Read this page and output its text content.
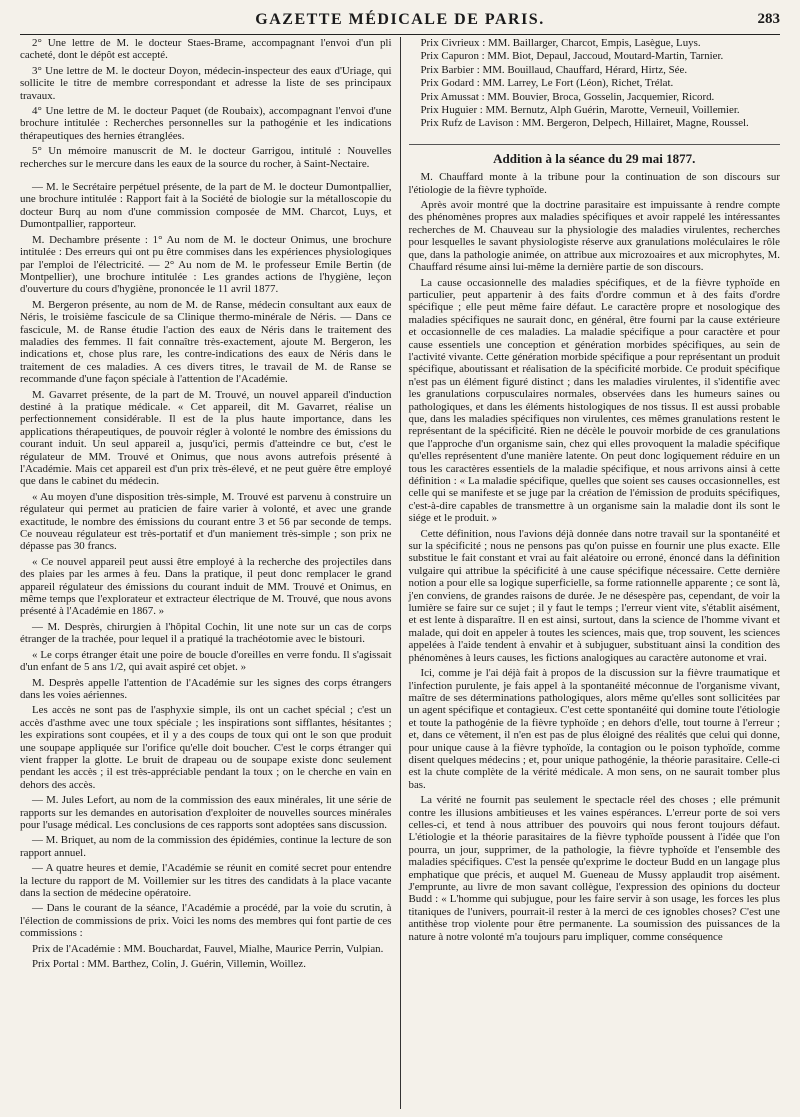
GAZETTE MÉDICALE DE PARIS.	283

2° Une lettre de M. le docteur Staes-Brame, accompagnant l'envoi d'un pli cacheté, dont le dépôt est accepté.

3° Une lettre de M. le docteur Doyon, médecin-inspecteur des eaux d'Uriage, qui sollicite le titre de membre correspondant et adresse la liste de ses principaux travaux.

4° Une lettre de M. le docteur Paquet (de Roubaix), accompagnant l'envoi d'une brochure intitulée : Recherches personnelles sur la pathogénie et les indications thérapeutiques des hernies étranglées.

5° Un mémoire manuscrit de M. le docteur Garrigou, intitulé : Nouvelles recherches sur le mercure dans les eaux de la source du rocher, à Saint-Nectaire.

— M. le Secrétaire perpétuel présente, de la part de M. le docteur Dumontpallier, une brochure intitulée : Rapport fait à la Société de biologie sur la métalloscopie du docteur Burq au nom d'une commission composée de MM. Charcot, Luys, et Dumontpallier, rapporteur.

M. Dechambre présente : 1° Au nom de M. le docteur Onimus, une brochure intitulée : Des erreurs qui ont pu être commises dans les expériences physiologiques par l'emploi de l'électricité. — 2° Au nom de M. le professeur Emile Bertin (de Montpellier), une brochure intitulée : Les grandes actions de l'hygiène, leçon d'ouverture du cours d'hygiène, prononcée le 11 avril 1877.

M. Bergeron présente, au nom de M. de Ranse, médecin consultant aux eaux de Néris, le troisième fascicule de sa Clinique thermo-minérale de Néris. — Dans ce fascicule, M. de Ranse étudie l'action des eaux de Néris dans le traitement des maladies des femmes. Il fait connaître très-exactement, ajoute M. Bergeron, les indications et, chose plus rare, les contre-indications des eaux de Néris dans le traitement de ces maladies. A ces divers titres, le travail de M. de Ranse se recommande d'une façon spéciale à l'attention de l'Académie.

M. Gavarret présente, de la part de M. Trouvé, un nouvel appareil d'induction destiné à la pratique médicale. « Cet appareil, dit M. Gavarret, réalise un perfectionnement considérable. Il est de la plus haute importance, dans les applications thérapeutiques, de pouvoir régler à volonté le nombre des émissions du courant induit. Un seul appareil a, jusqu'ici, permis d'atteindre ce but, c'est le régulateur de MM. Trouvé et Onimus, que nous avons autrefois présenté à l'Académie. Mais cet appareil est d'un prix très-élevé, et ne peut guère être employé que dans le cabinet du médecin.

« Au moyen d'une disposition très-simple, M. Trouvé est parvenu à construire un régulateur qui permet au praticien de faire varier à volonté, et avec une grande exactitude, le nombre des émissions du courant entre 3 et 56 par seconde de temps. Ce nouveau régulateur est très-portatif et d'un maniement très-simple ; son prix ne dépasse pas 30 francs.

« Ce nouvel appareil peut aussi être employé à la recherche des projectiles dans des plaies par les armes à feu. Dans la pratique, il peut donc remplacer le grand appareil régulateur des émissions du courant induit de MM. Trouvé et Onimus, en même temps que l'explorateur et extracteur électrique de M. Trouvé, que nous avons présenté à l'Académie en 1867. »

— M. Desprès, chirurgien à l'hôpital Cochin, lit une note sur un cas de corps étranger de la trachée, pour lequel il a pratiqué la trachéotomie avec le bistouri.

« Le corps étranger était une poire de boucle d'oreilles en verre fondu. Il s'agissait d'un enfant de 5 ans 1/2, qui avait aspiré cet objet. »

M. Desprès appelle l'attention de l'Académie sur les signes des corps étrangers dans les voies aériennes.

Les accès ne sont pas de l'asphyxie simple, ils ont un cachet spécial ; c'est un accès d'asthme avec une toux spéciale ; les inspirations sont sifflantes, hésitantes ; les expirations sont coupées, et il y a des coups de toux qui ont le son que produit une soupape appliquée sur l'orifice qu'elle doit boucher. C'est le corps étranger qui vient frapper la glotte. Le bruit de drapeau ou de soupape existe donc seulement pendant les accès ; il est très-appréciable pendant la toux ; on le cherche en vain en dehors des accès.

— M. Jules Lefort, au nom de la commission des eaux minérales, lit une série de rapports sur les demandes en autorisation d'exploiter de nouvelles sources minérales pour l'usage médical. Les conclusions de ces rapports sont adoptées sans discussion.

— M. Briquet, au nom de la commission des épidémies, continue la lecture de son rapport annuel.

— A quatre heures et demie, l'Académie se réunit en comité secret pour entendre la lecture du rapport de M. Voillemier sur les titres des candidats à la place vacante dans la section de médecine opératoire.

— Dans le courant de la séance, l'Académie a procédé, par la voie du scrutin, à l'élection de commissions de prix. Voici les noms des membres qui font partie de ces commissions :

Prix de l'Académie : MM. Bouchardat, Fauvel, Mialhe, Maurice Perrin, Vulpian.

Prix Portal : MM. Barthez, Colin, J. Guérin, Villemin, Woillez.

Prix Civrieux : MM. Baillarger, Charcot, Empis, Lasègue, Luys.

Prix Capuron : MM. Biot, Depaul, Jaccoud, Moutard-Martin, Tarnier.

Prix Barbier : MM. Bouillaud, Chauffard, Hérard, Hirtz, Sée.

Prix Godard : MM. Larrey, Le Fort (Léon), Richet, Trélat.

Prix Amussat : MM. Bouvier, Broca, Gosselin, Jacquemier, Ricord.

Prix Huguier : MM. Bernutz, Alph Guérin, Marotte, Verneuil, Voillemier.

Prix Rufz de Lavison : MM. Bergeron, Delpech, Hillairet, Magne, Roussel.

Addition à la séance du 29 mai 1877.

M. Chauffard monte à la tribune pour la continuation de son discours sur l'étiologie de la fièvre typhoïde.

Après avoir montré que la doctrine parasitaire est impuissante à rendre compte des phénomènes propres aux maladies spécifiques et avoir rappelé les intéressantes recherches de M. Chauveau sur la physiologie des maladies virulentes, recherches pour lesquelles le savant physiologiste réserve aux granulations moléculaires le rôle que, dans la pathologie animée, on attribue aux microzoaires et aux microphytes, M. Chauffard résume ainsi lui-même la dernière partie de son discours.

La cause occasionnelle des maladies spécifiques, et de la fièvre typhoïde en particulier, peut appartenir à des faits d'ordre commun et à des faits d'ordre spécifique ; elle peut même faire défaut. Le caractère propre et nosologique des maladies spécifiques ne saurait donc, en général, être fourni par la cause extérieure et occasionnelle de ces maladies. La maladie spécifique a pour caractère et pour cause essentiels une conception et génération morbides spécifiques, au sein de l'activité vivante. Cette génération morbide spécifique a pour représentant un produit spécifique, aboutissant et réalisation de la spécificité morbide. Ce produit spécifique n'est pas un élément figuré distinct ; dans les maladies virulentes, il s'identifie avec les granulations corpusculaires normales, observées dans les humeurs saines ou pathologiques, et dans les éléments histologiques de nos tissus. Il est aussi probable que, dans les maladies spécifiques non virulentes, ces mêmes granulations restent le représentant de la spécificité. Rien ne décèle le pouvoir morbide de ces granulations que l'approche d'un organisme sain, chez qui elles provoquent la maladie spécifique qu'elles représentent d'une manière latente. On peut donc logiquement réduire en un tous les caractères essentiels de la maladie spécifique, et nous arrivons ainsi à cette définition : « La maladie spécifique, quelles que soient ses causes occasionnelles, est celle qui se manifeste et se juge par la création de l'émission de produits spécifiques, c'est-à-dire capables de transmettre à un organisme sain la maladie dont ils sont le siége et le produit. »

Cette définition, nous l'avions déjà donnée dans notre travail sur la spontanéité et sur la spécificité ; nous ne pensons pas qu'on puisse en fournir une plus exacte. Elle substitue le fait constant et vrai au fait aléatoire ou erroné, énoncé dans la définition vulgaire qui attribue la spécificité à une cause spécifique nécessaire. Cette dernière notion a pour elle sa logique superficielle, sa forme rationnelle apparente ; ce sont là, j'en conviens, de grandes raisons de durée. Je ne désespère pas, cependant, de voir la lumière se faire sur ce sujet ; il y faut le temps ; l'erreur vient vite, s'établit aisément, et est lente à disparaître. Il en est ainsi, surtout, dans la science de l'homme vivant et malade, qui doit en appeler à toutes les sciences, mais que, trop souvent, les sciences appelées à l'aide tendent à envahir et à subjuguer, substituant ainsi la condition des phénomènes à leurs causes, les fictions analogiques au caractère autonome et vrai.

Ici, comme je l'ai déjà fait à propos de la discussion sur la fièvre traumatique et l'infection purulente, je fais appel à la spontanéité méconnue de l'organisme vivant, maître de ses déterminations pathologiques, alors même qu'elles sont sollicitées par un agent spécifique et contagieux. C'est cette spontanéité qui domine toute l'étiologie et toute la pathogénie de la fièvre typhoïde ; en dehors d'elle, tout tourne à l'erreur ; et, dans ce vêtement, il n'en est pas de plus éloigné des réalités que celui qui donne, pour unique cause à la fièvre typhoïde, la contagion ou le poison typhoïde, comme disent quelques médecins ; et, pour unique pathogénie, la théorie parasitaire. Celle-ci est la chute complète de la vérité médicale. A mon sens, on ne saurait tomber plus bas.

La vérité ne fournit pas seulement le spectacle réel des choses ; elle prémunit contre les illusions ambitieuses et les vaines espérances. L'erreur porte de soi vers celles-ci, et tend à nous attribuer des pouvoirs qui nous feront toujours défaut. L'étiologie et la théorie parasitaires de la fièvre typhoïde poussent à l'idée que l'on pourra, un jour, supprimer, de la pathologie, la fièvre typhoïde et l'ensemble des maladies spécifiques. C'est la pensée qu'exprime le docteur Budd en un langage plus emphatique que précis, et auquel M. Gueneau de Mussy applaudit trop aisément. J'emprunte, au livre de mon savant collègue, l'expression des opinions du docteur Budd : « L'homme qui subjugue, pour les faire servir à son usage, les forces les plus titaniques de l'univers, pourrait-il rester à la merci de ces ignobles choses? C'est une antithèse trop violente pour être permanente. La soumission des puissances de la nature à notre volonté m'a toujours paru impliquer, comme conséquence
